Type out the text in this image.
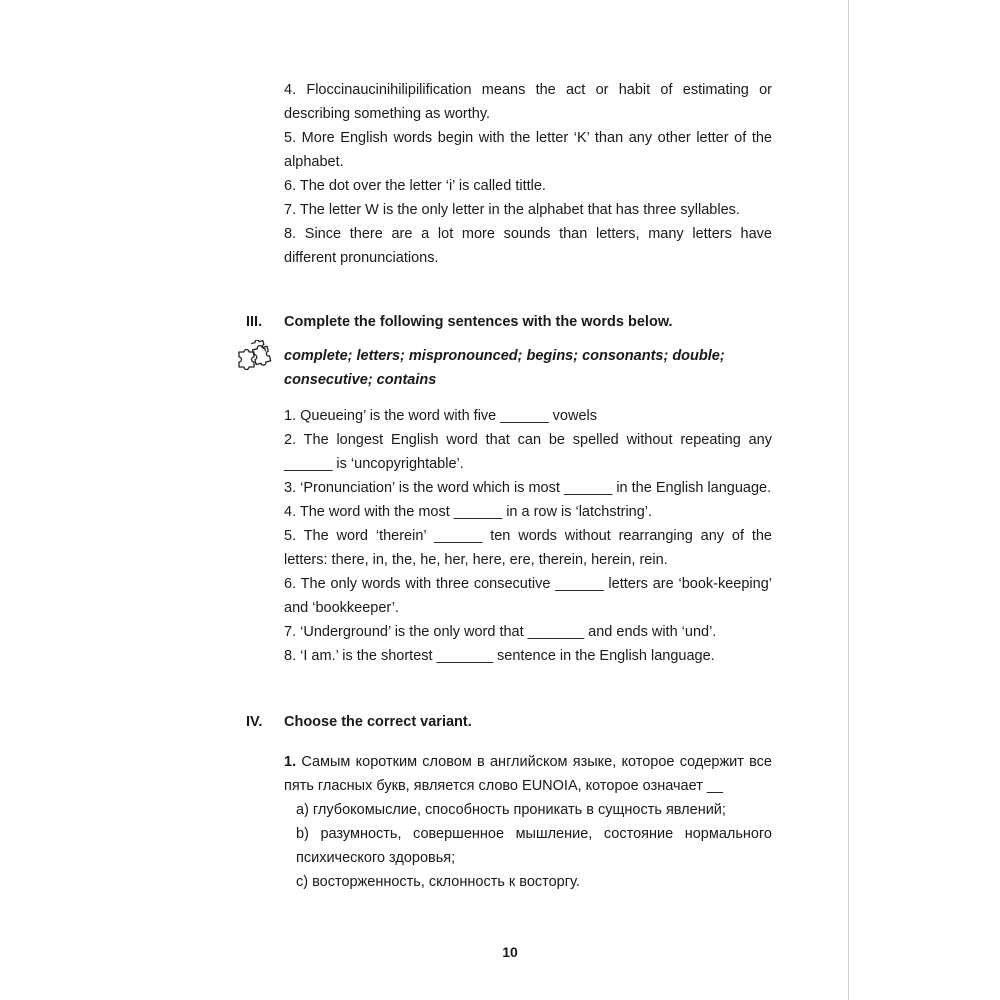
4. Floccinaucinihilipilification means the act or habit of estimating or describing something as worthy.

5. More English words begin with the letter ‘K’ than any other letter of the alphabet.

6. The dot over the letter ‘i’ is called tittle.

7. The letter W is the only letter in the alphabet that has three syllables.

8. Since there are a lot more sounds than letters, many letters have different pronunciations.

III. Complete the following sentences with the words below.

complete; letters; mispronounced; begins; consonants; double; consecutive; contains

1. Queueing’ is the word with five ______ vowels

2. The longest English word that can be spelled without repeating any ______ is ‘uncopyrightable’.

3. ‘Pronunciation’ is the word which is most ______ in the English language.

4. The word with the most ______ in a row is ‘latchstring’.

5. The word ‘therein’ ______ ten words without rearranging any of the letters: there, in, the, he, her, here, ere, therein, herein, rein.

6. The only words with three consecutive ______ letters are ‘book-keeping’ and ‘bookkeeper’.

7. ‘Underground’ is the only word that _______ and ends with ‘und’.

8. ‘I am.’ is the shortest _______ sentence in the English language.

IV. Choose the correct variant.

1. Самым коротким словом в английском языке, которое содержит все пять гласных букв, является слово EUNOIA, которое означает __

a) глубокомыслие, способность проникать в сущность явлений;

b) разумность, совершенное мышление, состояние нормального психического здоровья;

c) восторженность, склонность к восторгу.

10
